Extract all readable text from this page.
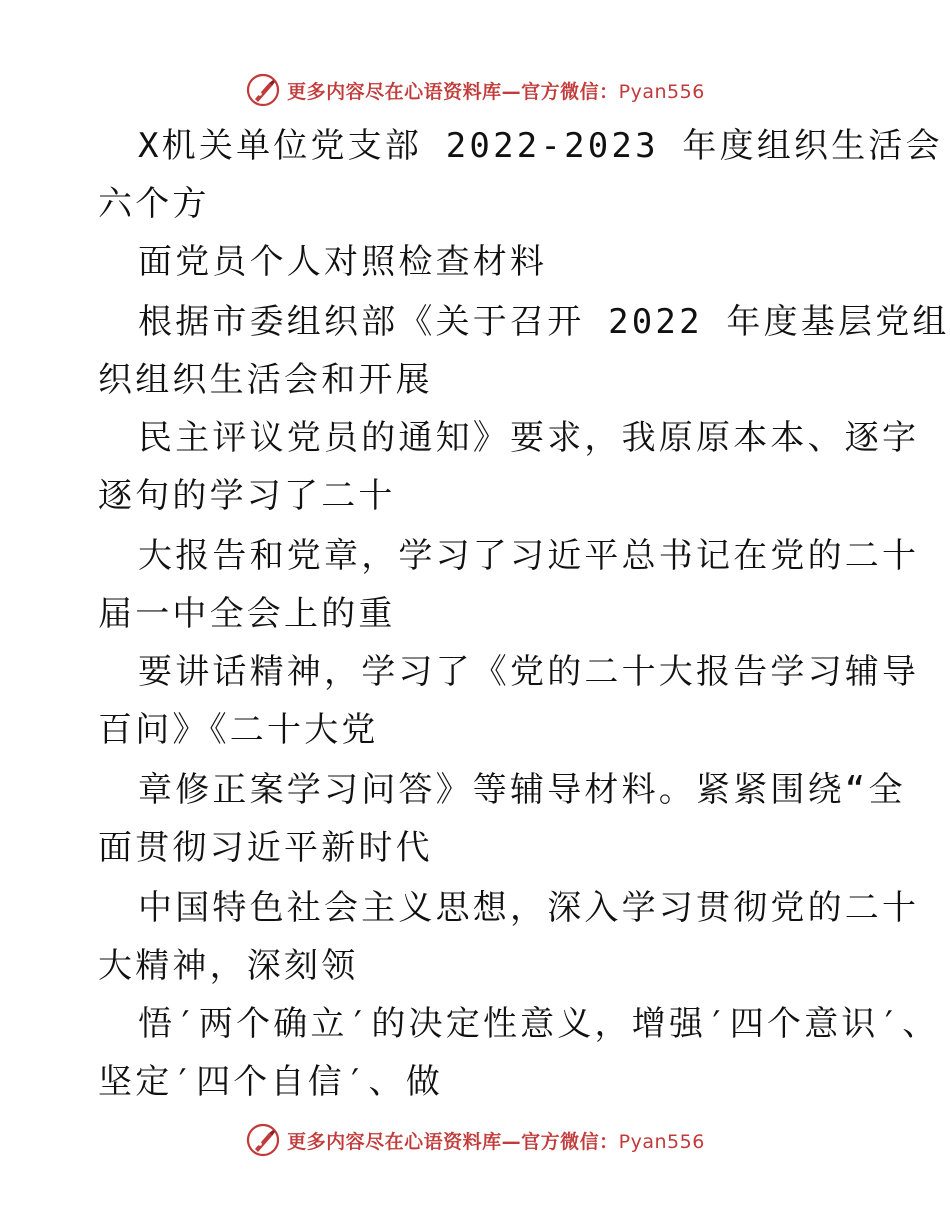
更多内容尽在心语资料库—官方微信：Pyan556
X机关单位党支部 2022-2023 年度组织生活会
六个方
面党员个人对照检查材料
根据市委组织部《关于召开 2022 年度基层党组
织组织生活会和开展
民主评议党员的通知》要求，我原原本本、逐字
逐句的学习了二十
大报告和党章，学习了习近平总书记在党的二十
届一中全会上的重
要讲话精神，学习了《党的二十大报告学习辅导
百问》《二十大党
章修正案学习问答》等辅导材料。紧紧围绕“全
面贯彻习近平新时代
中国特色社会主义思想，深入学习贯彻党的二十
大精神，深刻领
悟′两个确立′的决定性意义，增强′四个意识′、
坚定′四个自信′、做
更多内容尽在心语资料库—官方微信：Pyan556
